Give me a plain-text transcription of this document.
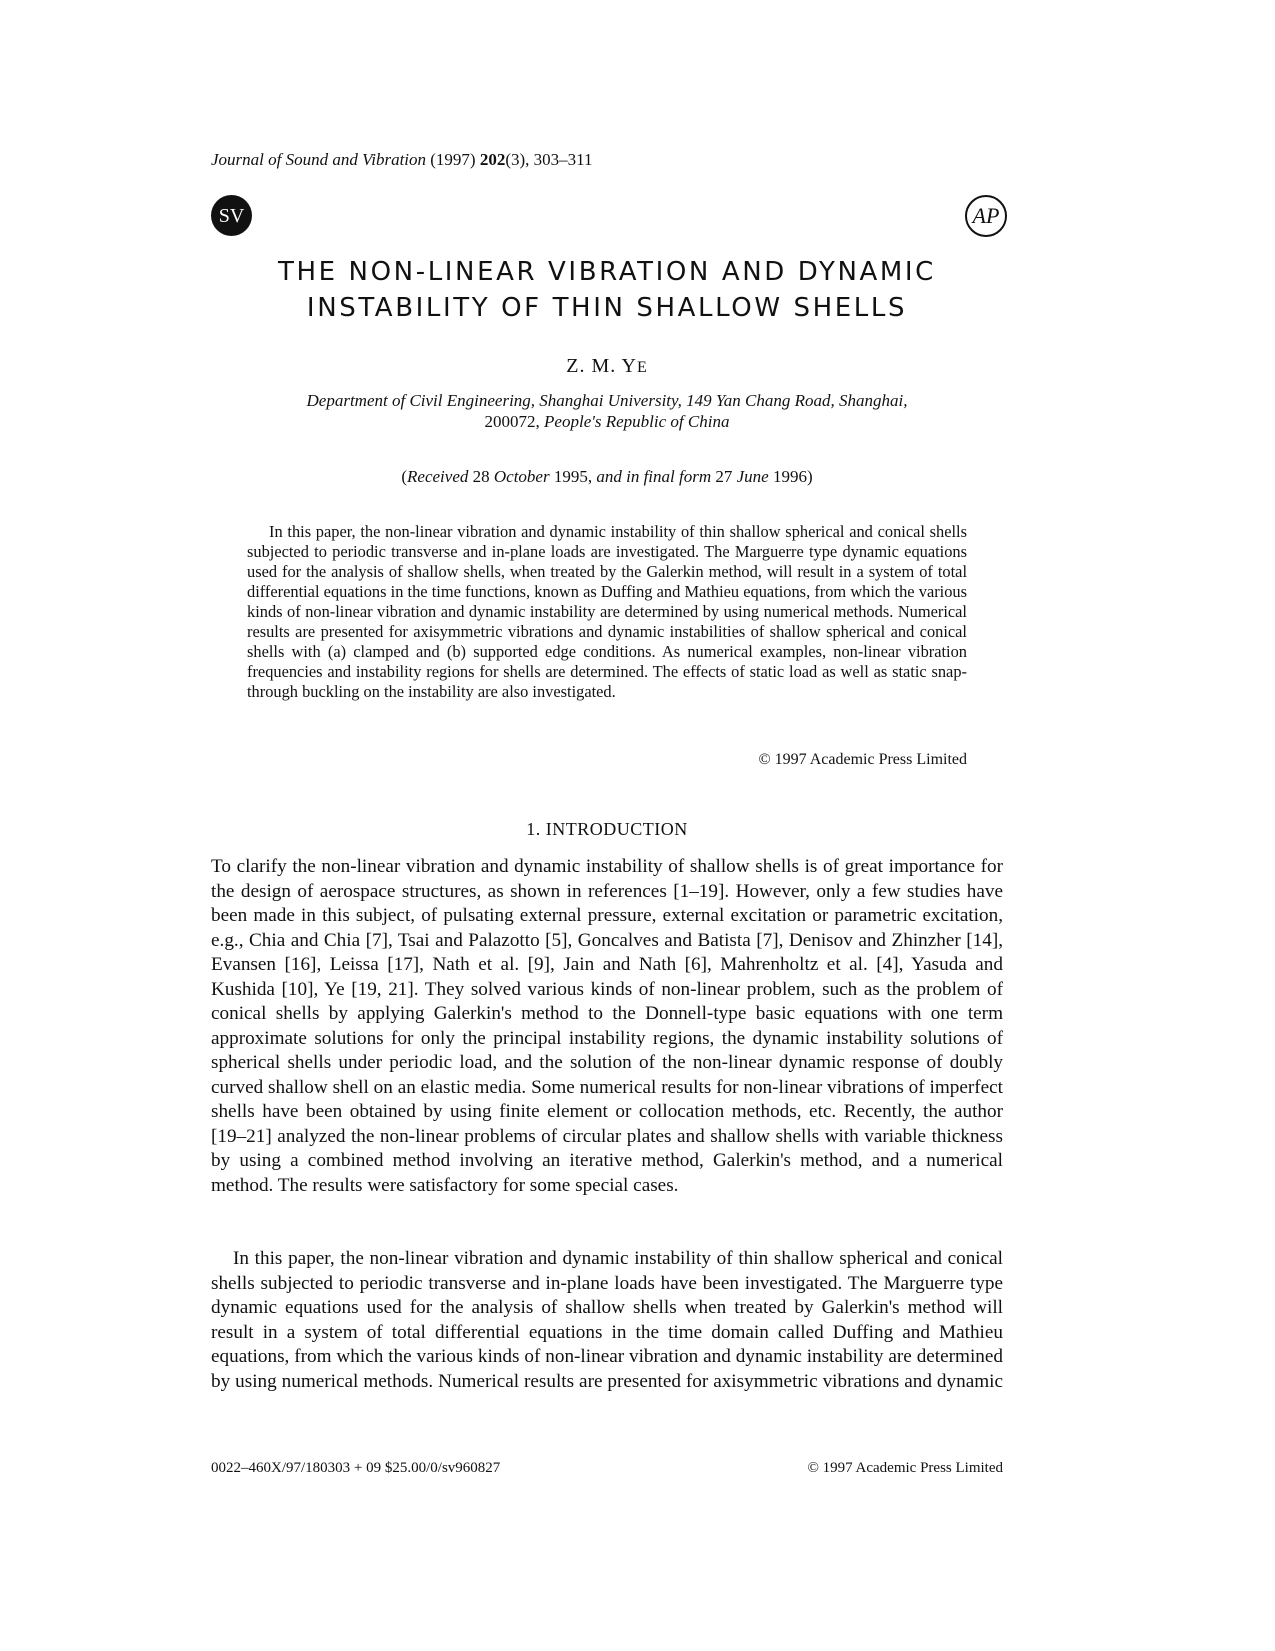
Journal of Sound and Vibration (1997) 202(3), 303–311
SV	AP
THE NON-LINEAR VIBRATION AND DYNAMIC
INSTABILITY OF THIN SHALLOW SHELLS
Z. M. YE
Department of Civil Engineering, Shanghai University, 149 Yan Chang Road, Shanghai,
200072, People's Republic of China
(Received 28 October 1995, and in final form 27 June 1996)
In this paper, the non-linear vibration and dynamic instability of thin shallow spherical and conical shells subjected to periodic transverse and in-plane loads are investigated. The Marguerre type dynamic equations used for the analysis of shallow shells, when treated by the Galerkin method, will result in a system of total differential equations in the time functions, known as Duffing and Mathieu equations, from which the various kinds of non-linear vibration and dynamic instability are determined by using numerical methods. Numerical results are presented for axisymmetric vibrations and dynamic instabilities of shallow spherical and conical shells with (a) clamped and (b) supported edge conditions. As numerical examples, non-linear vibration frequencies and instability regions for shells are determined. The effects of static load as well as static snap-through buckling on the instability are also investigated.
© 1997 Academic Press Limited
1. INTRODUCTION
To clarify the non-linear vibration and dynamic instability of shallow shells is of great importance for the design of aerospace structures, as shown in references [1–19]. However, only a few studies have been made in this subject, of pulsating external pressure, external excitation or parametric excitation, e.g., Chia and Chia [7], Tsai and Palazotto [5], Goncalves and Batista [7], Denisov and Zhinzher [14], Evansen [16], Leissa [17], Nath et al. [9], Jain and Nath [6], Mahrenholtz et al. [4], Yasuda and Kushida [10], Ye [19, 21]. They solved various kinds of non-linear problem, such as the problem of conical shells by applying Galerkin's method to the Donnell-type basic equations with one term approximate solutions for only the principal instability regions, the dynamic instability solutions of spherical shells under periodic load, and the solution of the non-linear dynamic response of doubly curved shallow shell on an elastic media. Some numerical results for non-linear vibrations of imperfect shells have been obtained by using finite element or collocation methods, etc. Recently, the author [19–21] analyzed the non-linear problems of circular plates and shallow shells with variable thickness by using a combined method involving an iterative method, Galerkin's method, and a numerical method. The results were satisfactory for some special cases.
In this paper, the non-linear vibration and dynamic instability of thin shallow spherical and conical shells subjected to periodic transverse and in-plane loads have been investigated. The Marguerre type dynamic equations used for the analysis of shallow shells when treated by Galerkin's method will result in a system of total differential equations in the time domain called Duffing and Mathieu equations, from which the various kinds of non-linear vibration and dynamic instability are determined by using numerical methods. Numerical results are presented for axisymmetric vibrations and dynamic
0022–460X/97/180303 + 09 $25.00/0/sv960827	© 1997 Academic Press Limited
